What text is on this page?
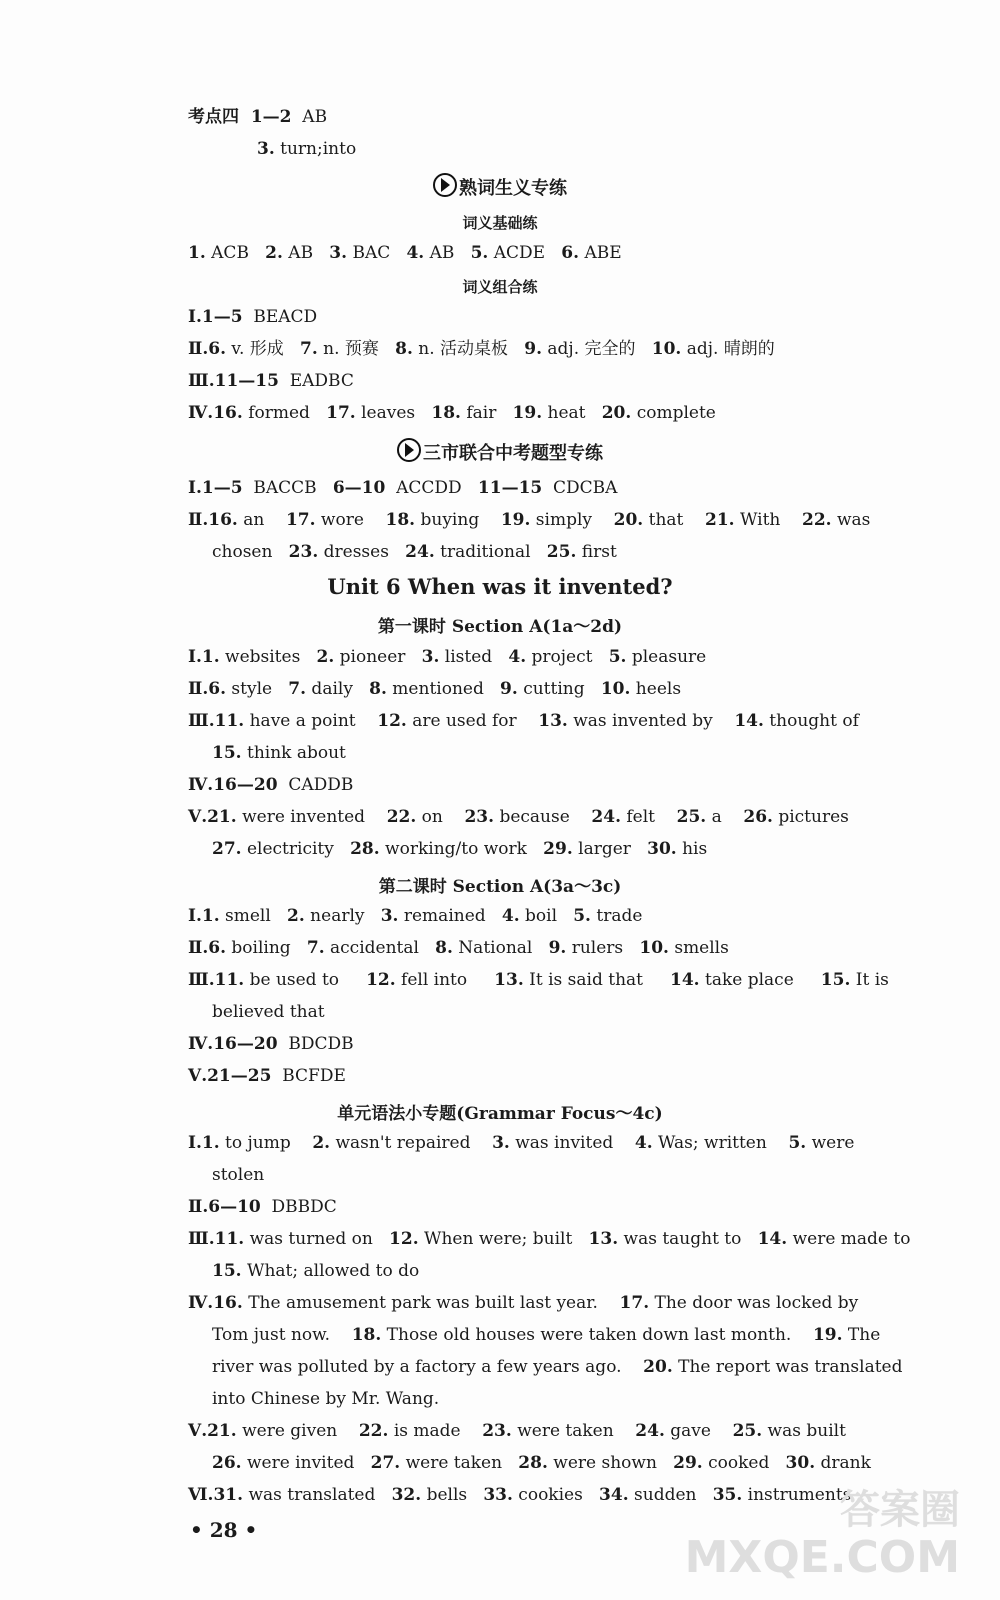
考点四  1—2  AB
3. turn;into
熟词生义专练
词义基础练
1. ACB   2. AB   3. BAC   4. AB   5. ACDE   6. ABE
词义组合练
Ⅰ.1—5  BEACD
Ⅱ.6. v. 形成   7. n. 预赛   8. n. 活动桌板   9. adj. 完全的   10. adj. 晴朗的
Ⅲ.11—15  EADBC
Ⅳ.16. formed   17. leaves   18. fair   19. heat   20. complete
三市联合中考题型专练
Ⅰ.1—5  BACCB   6—10  ACCDD   11—15  CDCBA
Ⅱ.16. an    17. wore    18. buying    19. simply    20. that    21. With    22. was
chosen   23. dresses   24. traditional   25. first
Unit 6 When was it invented?
第一课时 Section A(1a～2d)
Ⅰ.1. websites   2. pioneer   3. listed   4. project   5. pleasure
Ⅱ.6. style   7. daily   8. mentioned   9. cutting   10. heels
Ⅲ.11. have a point    12. are used for    13. was invented by    14. thought of
15. think about
Ⅳ.16—20  CADDB
Ⅴ.21. were invented    22. on    23. because    24. felt    25. a    26. pictures
27. electricity   28. working/to work   29. larger   30. his
第二课时 Section A(3a～3c)
Ⅰ.1. smell   2. nearly   3. remained   4. boil   5. trade
Ⅱ.6. boiling   7. accidental   8. National   9. rulers   10. smells
Ⅲ.11. be used to     12. fell into     13. It is said that     14. take place     15. It is
believed that
Ⅳ.16—20  BDCDB
Ⅴ.21—25  BCFDE
单元语法小专题(Grammar Focus～4c)
Ⅰ.1. to jump    2. wasn't repaired    3. was invited    4. Was; written    5. were
stolen
Ⅱ.6—10  DBBDC
Ⅲ.11. was turned on   12. When were; built   13. was taught to   14. were made to
15. What; allowed to do
Ⅳ.16. The amusement park was built last year.    17. The door was locked by
Tom just now.    18. Those old houses were taken down last month.    19. The
river was polluted by a factory a few years ago.    20. The report was translated
into Chinese by Mr. Wang.
Ⅴ.21. were given    22. is made    23. were taken    24. gave    25. was built
26. were invited   27. were taken   28. were shown   29. cooked   30. drank
Ⅵ.31. was translated   32. bells   33. cookies   34. sudden   35. instruments
• 28 •	答案圈
MXQE.COM
